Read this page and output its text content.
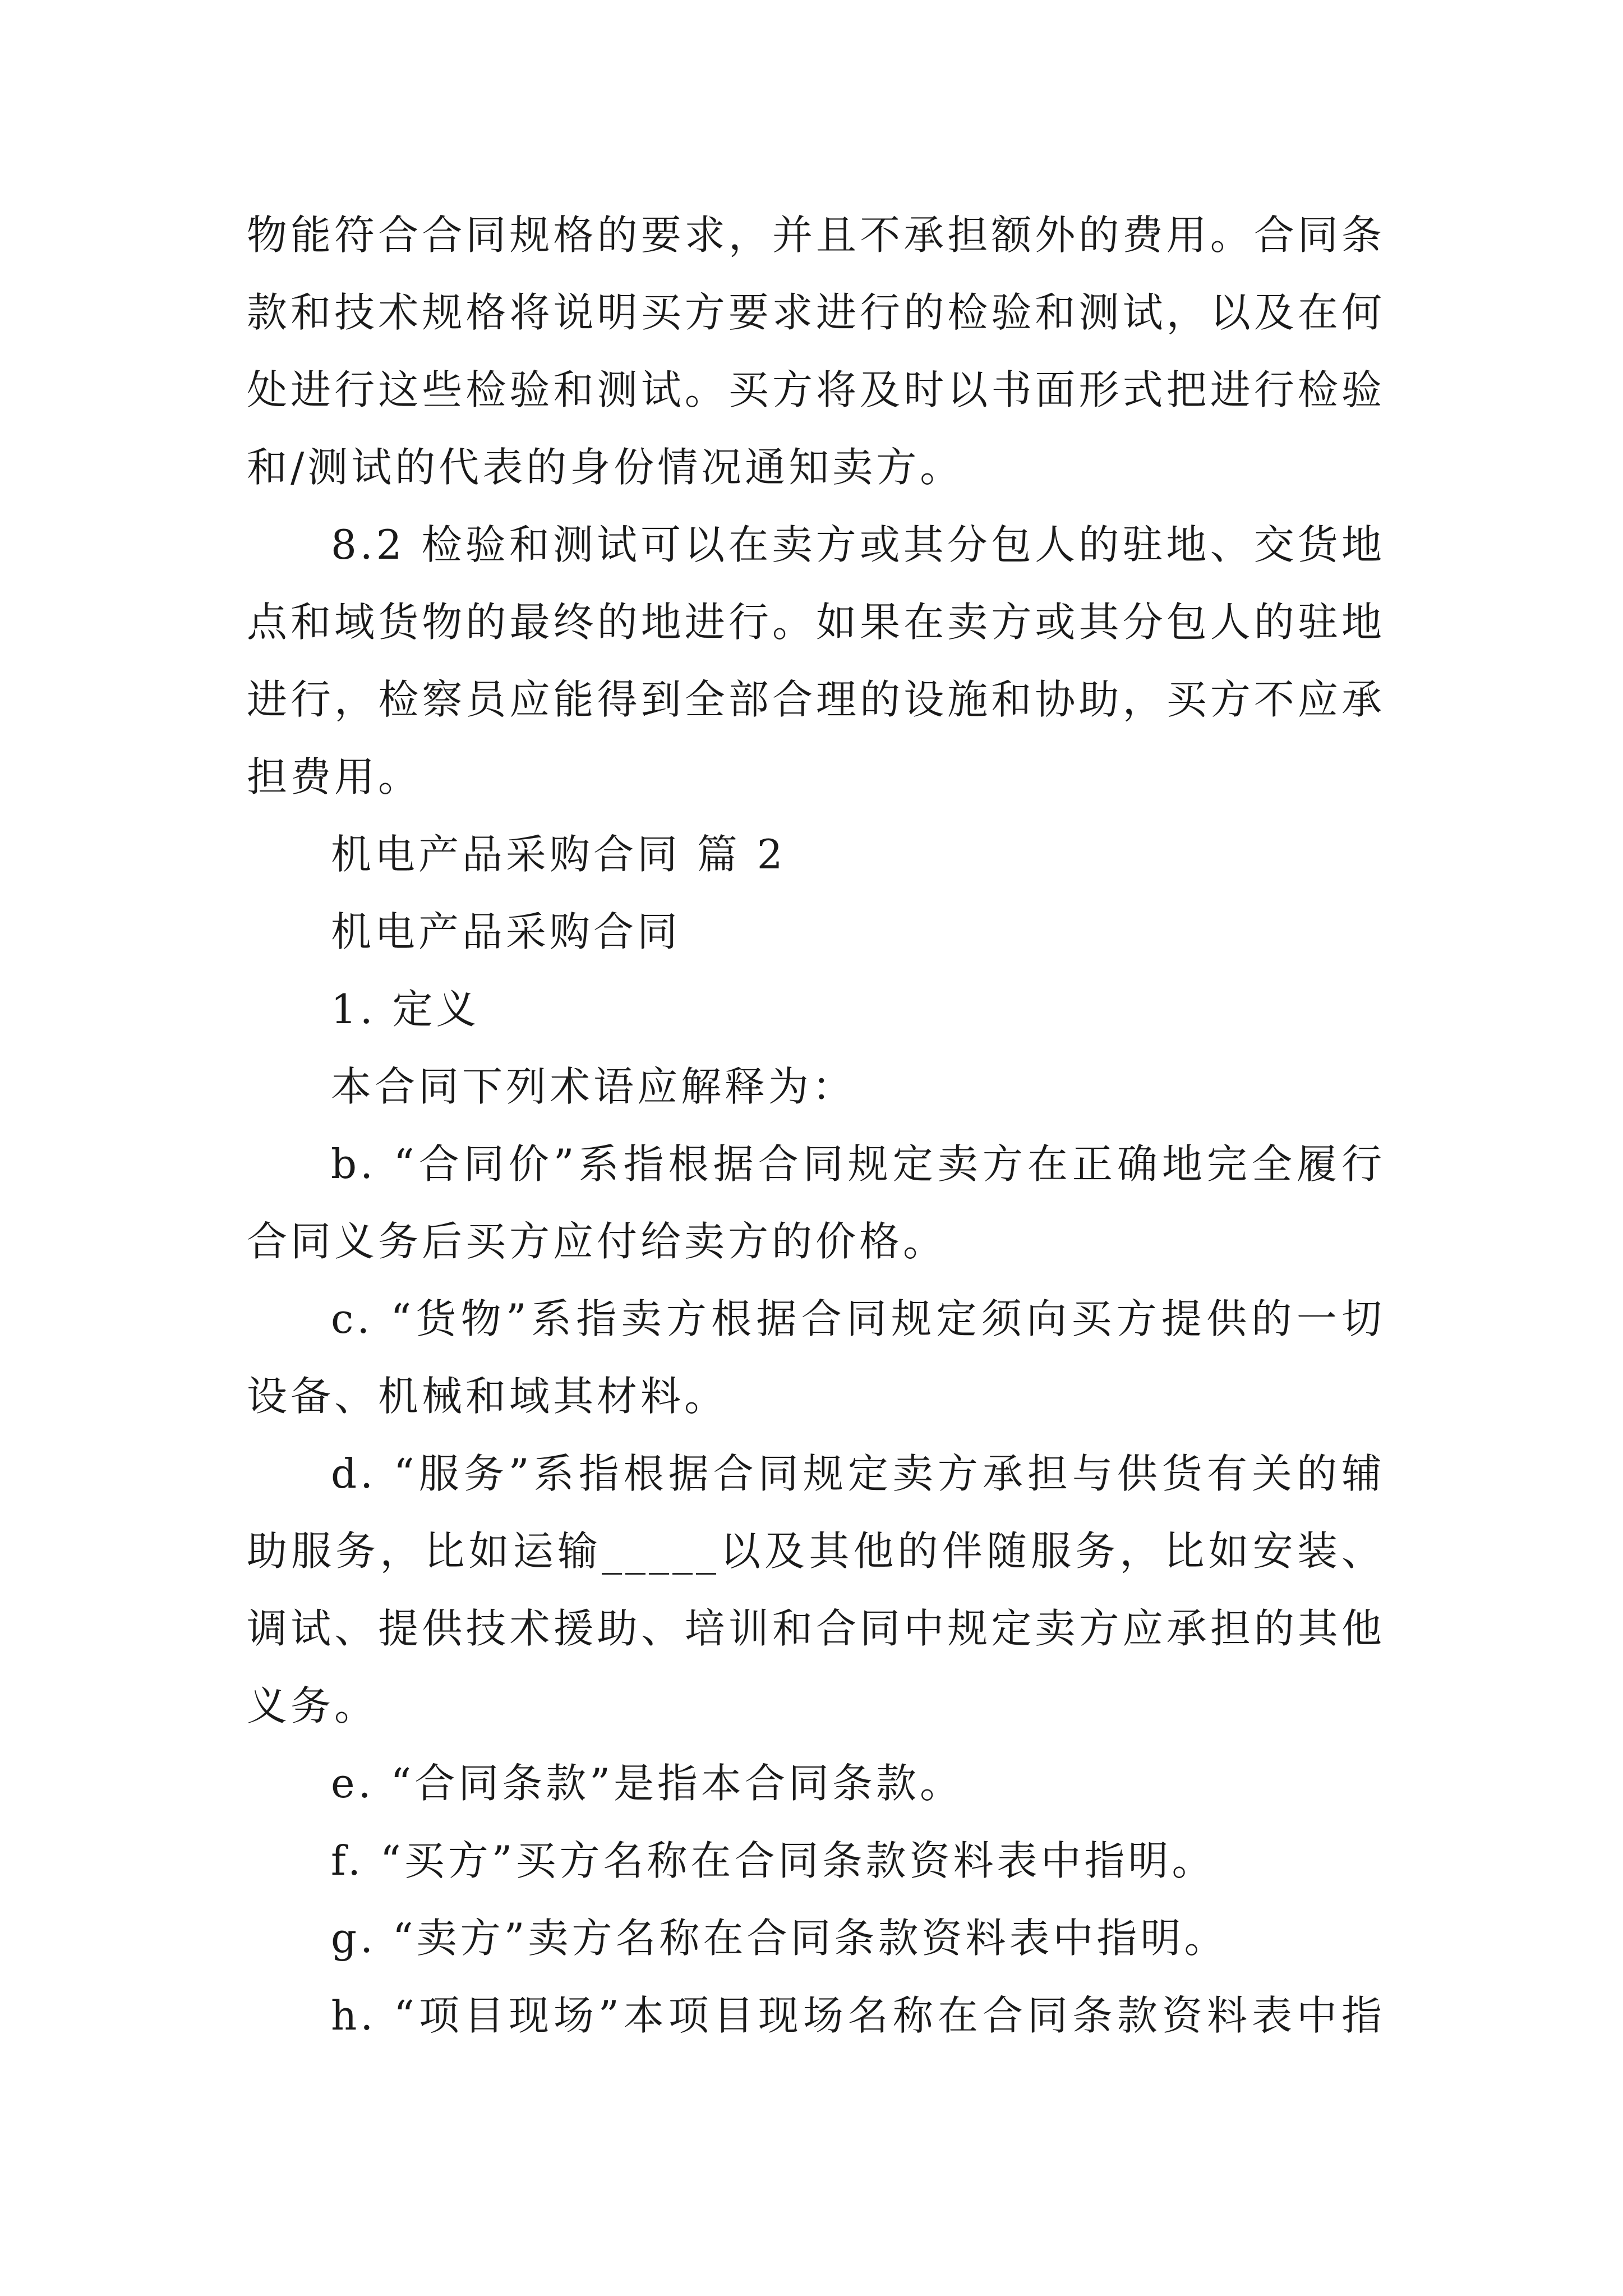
物能符合合同规格的要求，并且不承担额外的费用。合同条
款和技术规格将说明买方要求进行的检验和测试，以及在何
处进行这些检验和测试。买方将及时以书面形式把进行检验
和/测试的代表的身份情况通知卖方。
8.2 检验和测试可以在卖方或其分包人的驻地、交货地
点和域货物的最终的地进行。如果在卖方或其分包人的驻地
进行，检察员应能得到全部合理的设施和协助，买方不应承
担费用。
机电产品采购合同 篇 2
机电产品采购合同
1. 定义
本合同下列术语应解释为：
b. “合同价”系指根据合同规定卖方在正确地完全履行
合同义务后买方应付给卖方的价格。
c. “货物”系指卖方根据合同规定须向买方提供的一切
设备、机械和域其材料。
d. “服务”系指根据合同规定卖方承担与供货有关的辅
助服务，比如运输_____以及其他的伴随服务，比如安装、
调试、提供技术援助、培训和合同中规定卖方应承担的其他
义务。
e. “合同条款”是指本合同条款。
f. “买方”买方名称在合同条款资料表中指明。
g. “卖方”卖方名称在合同条款资料表中指明。
h. “项目现场”本项目现场名称在合同条款资料表中指
